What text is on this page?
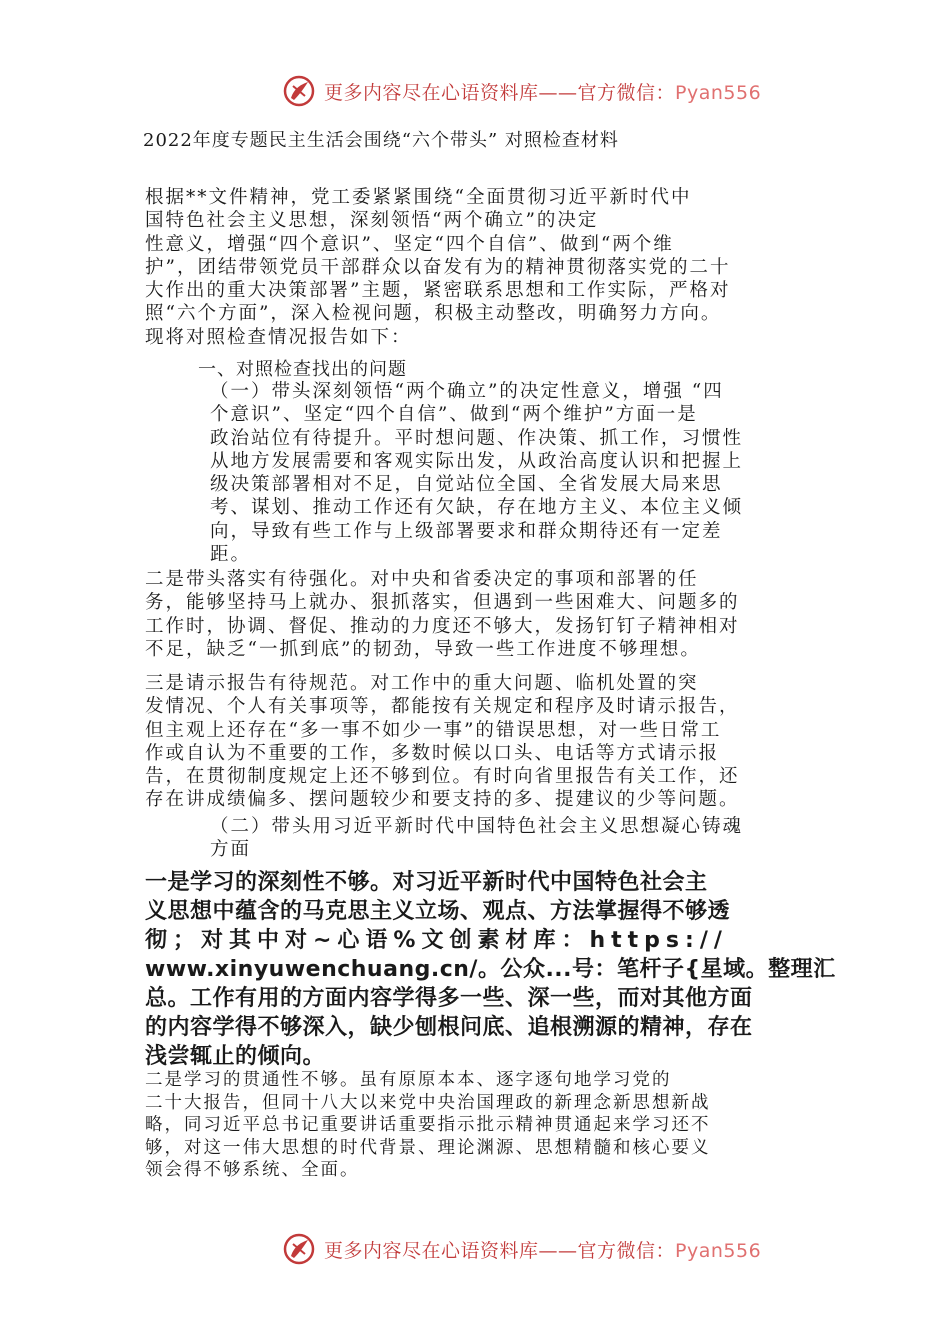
更多内容尽在心语资料库——官方微信：Pyan556
2022年度专题民主生活会围绕“六个带头” 对照检查材料
根据**文件精神，党工委紧紧围绕“全面贯彻习近平新时代中
国特色社会主义思想，深刻领悟“两个确立”的决定
性意义，增强“四个意识”、坚定“四个自信”、做到“两个维
护”，团结带领党员干部群众以奋发有为的精神贯彻落实党的二十
大作出的重大决策部署”主题，紧密联系思想和工作实际，严格对
照“六个方面”，深入检视问题，积极主动整改，明确努力方向。
现将对照检查情况报告如下：
一、对照检查找出的问题
（一）带头深刻领悟“两个确立”的决定性意义，增强 “四
个意识”、坚定“四个自信”、做到“两个维护”方面一是
政治站位有待提升。平时想问题、作决策、抓工作，习惯性
从地方发展需要和客观实际出发，从政治高度认识和把握上
级决策部署相对不足，自觉站位全国、全省发展大局来思
考、谋划、推动工作还有欠缺，存在地方主义、本位主义倾
向，导致有些工作与上级部署要求和群众期待还有一定差
距。
二是带头落实有待强化。对中央和省委决定的事项和部署的任
务，能够坚持马上就办、狠抓落实，但遇到一些困难大、问题多的
工作时，协调、督促、推动的力度还不够大，发扬钉钉子精神相对
不足，缺乏“一抓到底”的韧劲，导致一些工作进度不够理想。
三是请示报告有待规范。对工作中的重大问题、临机处置的突
发情况、个人有关事项等，都能按有关规定和程序及时请示报告，
但主观上还存在“多一事不如少一事”的错误思想，对一些日常工
作或自认为不重要的工作，多数时候以口头、电话等方式请示报
告，在贯彻制度规定上还不够到位。有时向省里报告有关工作，还
存在讲成绩偏多、摆问题较少和要支持的多、提建议的少等问题。
（二）带头用习近平新时代中国特色社会主义思想凝心铸魂
方面
一是学习的深刻性不够。对习近平新时代中国特色社会主
义思想中蕴含的马克思主义立场、观点、方法掌握得不够透
彻；对其中对~心语%文创素材库：https://
www.xinyuwenchuang.cn/。公众...号：笔杆子{星域。整理汇
总。工作有用的方面内容学得多一些、深一些，而对其他方面
的内容学得不够深入，缺少刨根问底、追根溯源的精神，存在
浅尝辄止的倾向。
二是学习的贯通性不够。虽有原原本本、逐字逐句地学习党的
二十大报告，但同十八大以来党中央治国理政的新理念新思想新战
略，同习近平总书记重要讲话重要指示批示精神贯通起来学习还不
够，对这一伟大思想的时代背景、理论渊源、思想精髓和核心要义
领会得不够系统、全面。
更多内容尽在心语资料库——官方微信：Pyan556
